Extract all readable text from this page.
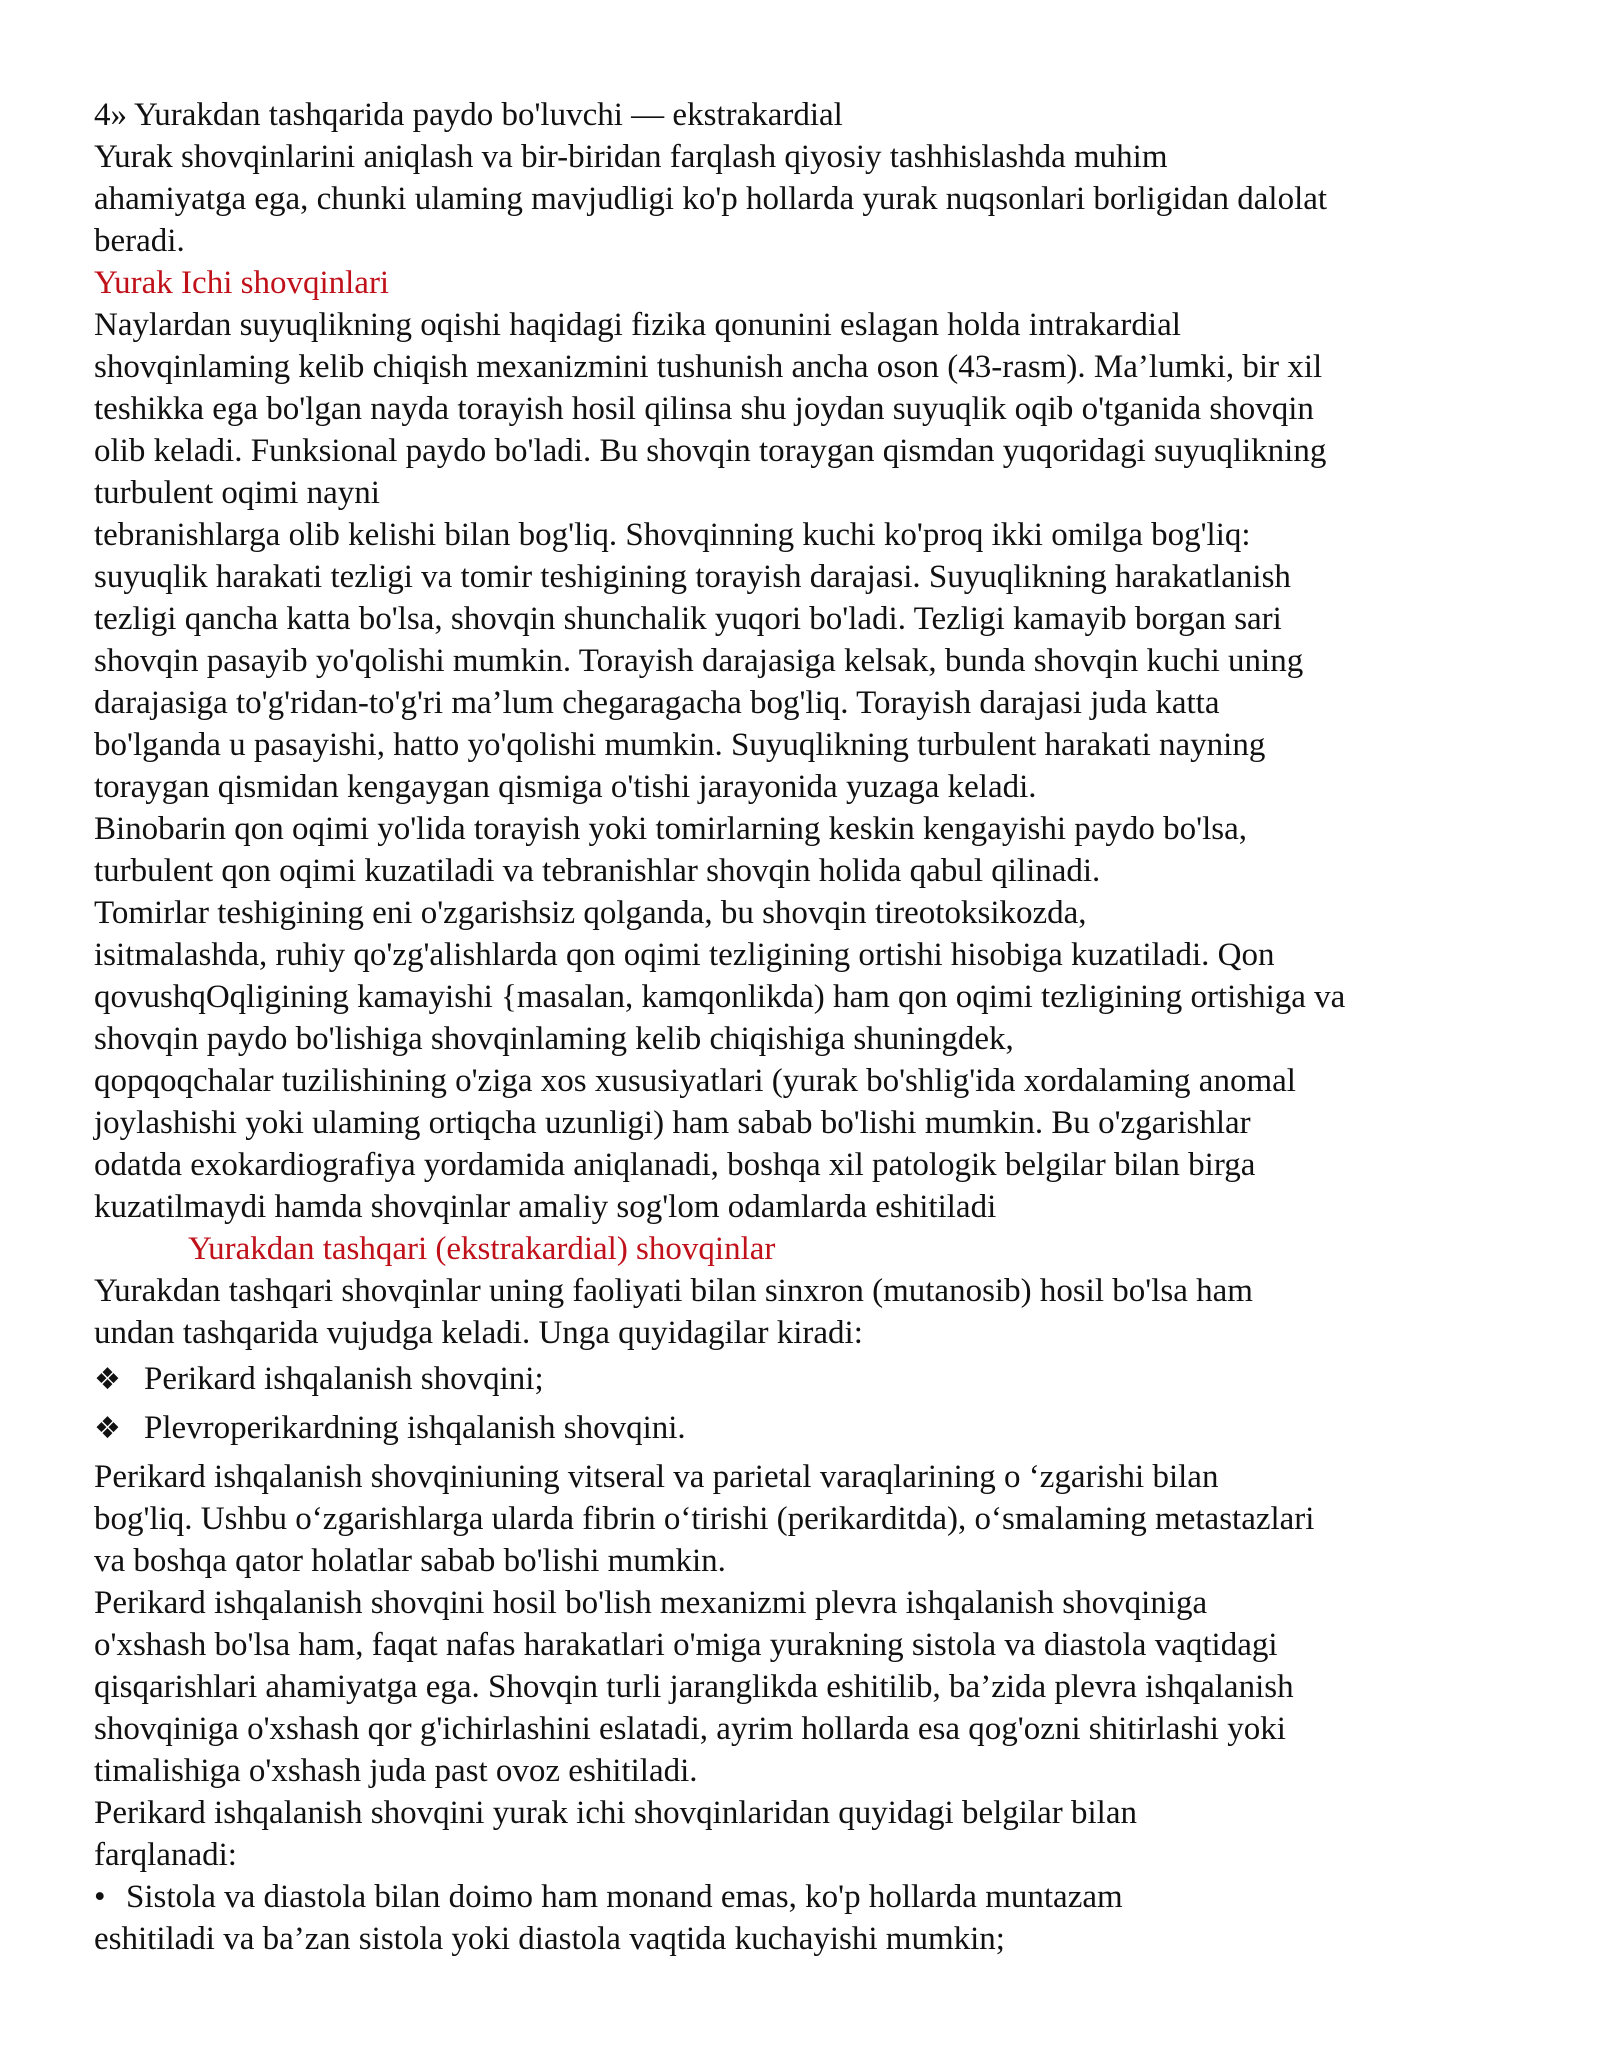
4» Yurakdan tashqarida paydo bo'luvchi — ekstrakardial

Yurak shovqinlarini aniqlash va bir-biridan farqlash qiyosiy tashhislashda muhim

ahamiyatga ega, chunki ulaming mavjudligi ko'p hollarda yurak nuqsonlari borligidan dalolat

beradi.

Yurak Ichi shovqinlari

Naylardan suyuqlikning oqishi haqidagi fizika qonunini eslagan holda intrakardial

shovqinlaming kelib chiqish mexanizmini tushunish ancha oson (43-rasm). Ma’lumki, bir xil

teshikka ega bo'lgan nayda torayish hosil qilinsa shu joydan suyuqlik oqib o'tganida shovqin

olib keladi. Funksional paydo bo'ladi. Bu shovqin toraygan qismdan yuqoridagi suyuqlikning

turbulent oqimi nayni

tebranishlarga olib kelishi bilan bog'liq. Shovqinning kuchi ko'proq ikki omilga bog'liq:

suyuqlik harakati tezligi va tomir teshigining torayish darajasi. Suyuqlikning harakatlanish

tezligi qancha katta bo'lsa, shovqin shunchalik yuqori bo'ladi. Tezligi kamayib borgan sari

shovqin pasayib yo'qolishi mumkin. Torayish darajasiga kelsak, bunda shovqin kuchi uning

darajasiga to'g'ridan-to'g'ri ma’lum chegaragacha bog'liq. Torayish darajasi juda katta

bo'lganda u pasayishi, hatto yo'qolishi mumkin. Suyuqlikning turbulent harakati nayning

toraygan qismidan kengaygan qismiga o'tishi jarayonida yuzaga keladi.

Binobarin qon oqimi yo'lida torayish yoki tomirlarning keskin kengayishi paydo bo'lsa,

turbulent qon oqimi kuzatiladi va tebranishlar shovqin holida qabul qilinadi.

Tomirlar teshigining eni o'zgarishsiz qolganda, bu shovqin tireotoksikozda,

isitmalashda, ruhiy qo'zg'alishlarda qon oqimi tezligining ortishi hisobiga kuzatiladi. Qon

qovushqOqligining kamayishi {masalan, kamqonlikda) ham qon oqimi tezligining ortishiga va

shovqin paydo bo'lishiga shovqinlaming kelib chiqishiga shuningdek,

qopqoqchalar tuzilishining o'ziga xos xususiyatlari (yurak bo'shlig'ida xordalaming anomal

joylashishi yoki ulaming ortiqcha uzunligi) ham sabab bo'lishi mumkin. Bu o'zgarishlar

odatda exokardiografiya yordamida aniqlanadi, boshqa xil patologik belgilar bilan birga

kuzatilmaydi hamda shovqinlar amaliy sog'lom odamlarda eshitiladi

Yurakdan tashqari (ekstrakardial) shovqinlar

Yurakdan tashqari shovqinlar uning faoliyati bilan sinxron (mutanosib) hosil bo'lsa ham

undan tashqarida vujudga keladi. Unga quyidagilar kiradi:

❖ Perikard ishqalanish shovqini;

❖ Plevroperikardning ishqalanish shovqini.

Perikard ishqalanish shovqiniuning vitseral va parietal varaqlarining o ‘zgarishi bilan

bog'liq. Ushbu o‘zgarishlarga ularda fibrin o‘tirishi (perikarditda), o‘smalaming metastazlari

va boshqa qator holatlar sabab bo'lishi mumkin.

Perikard ishqalanish shovqini hosil bo'lish mexanizmi plevra ishqalanish shovqiniga

o'xshash bo'lsa ham, faqat nafas harakatlari o'miga yurakning sistola va diastola vaqtidagi

qisqarishlari ahamiyatga ega. Shovqin turli jaranglikda eshitilib, ba’zida plevra ishqalanish

shovqiniga o'xshash qor g'ichirlashini eslatadi, ayrim hollarda esa qog'ozni shitirlashi yoki

timalishiga o'xshash juda past ovoz eshitiladi.

Perikard ishqalanish shovqini yurak ichi shovqinlaridan quyidagi belgilar bilan

farqlanadi:

• Sistola va diastola bilan doimo ham monand emas, ko'p hollarda muntazam

eshitiladi va ba’zan sistola yoki diastola vaqtida kuchayishi mumkin;
